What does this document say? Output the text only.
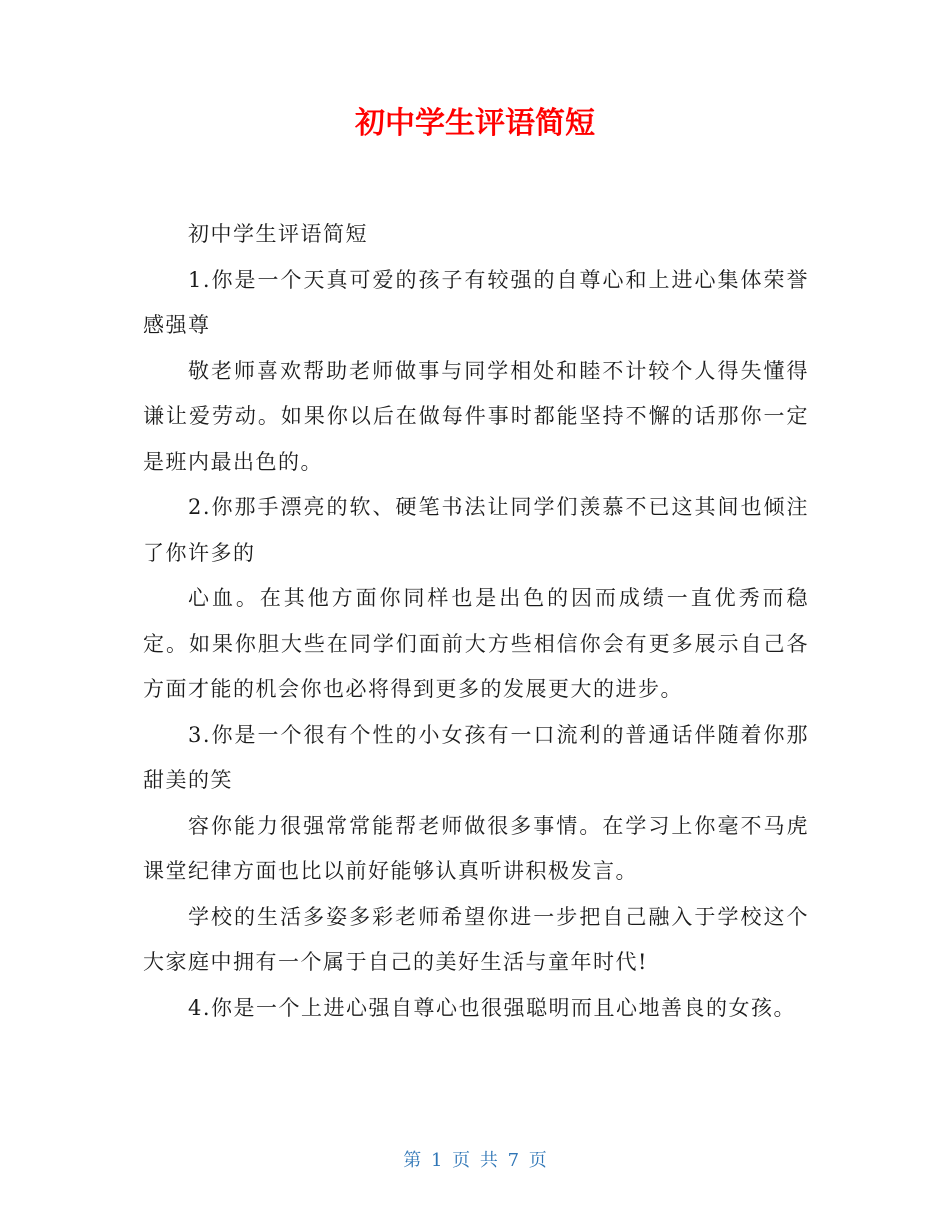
初中学生评语简短

初中学生评语简短

1.你是一个天真可爱的孩子有较强的自尊心和上进心集体荣誉感强尊

敬老师喜欢帮助老师做事与同学相处和睦不计较个人得失懂得谦让爱劳动。如果你以后在做每件事时都能坚持不懈的话那你一定是班内最出色的。

2.你那手漂亮的软、硬笔书法让同学们羡慕不已这其间也倾注了你许多的

心血。在其他方面你同样也是出色的因而成绩一直优秀而稳定。如果你胆大些在同学们面前大方些相信你会有更多展示自己各方面才能的机会你也必将得到更多的发展更大的进步。

3.你是一个很有个性的小女孩有一口流利的普通话伴随着你那甜美的笑

容你能力很强常常能帮老师做很多事情。在学习上你毫不马虎课堂纪律方面也比以前好能够认真听讲积极发言。

学校的生活多姿多彩老师希望你进一步把自己融入于学校这个大家庭中拥有一个属于自己的美好生活与童年时代!

4.你是一个上进心强自尊心也很强聪明而且心地善良的女孩。

第 1 页 共 7 页
